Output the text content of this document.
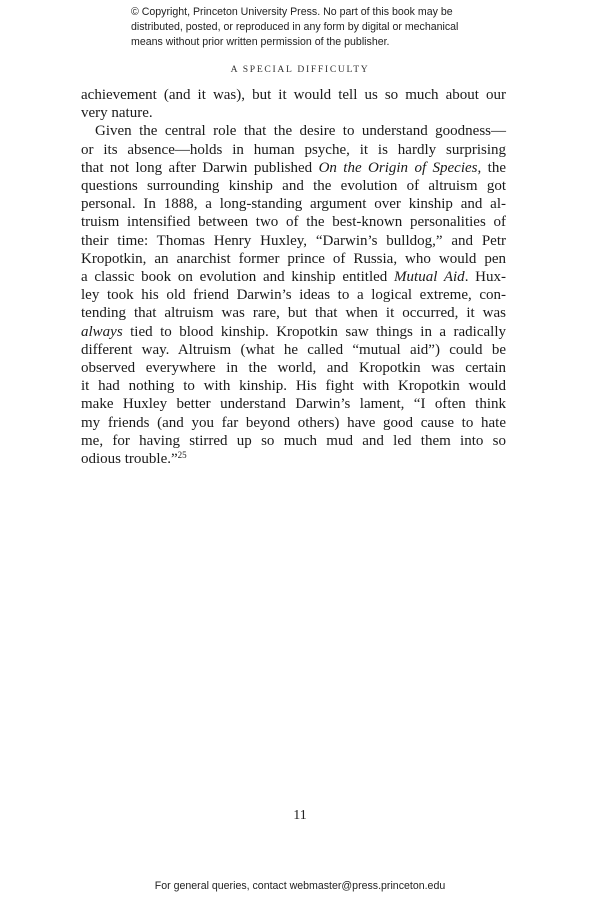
© Copyright, Princeton University Press. No part of this book may be
distributed, posted, or reproduced in any form by digital or mechanical
means without prior written permission of the publisher.
A SPECIAL DIFFICULTY
achievement (and it was), but it would tell us so much about our
very nature.
Given the central role that the desire to understand goodness—
or its absence—holds in human psyche, it is hardly surprising
that not long after Darwin published On the Origin of Species, the
questions surrounding kinship and the evolution of altruism got
personal. In 1888, a long-standing argument over kinship and al-
truism intensified between two of the best-known personalities of
their time: Thomas Henry Huxley, “Darwin’s bulldog,” and Petr
Kropotkin, an anarchist former prince of Russia, who would pen
a classic book on evolution and kinship entitled Mutual Aid. Hux-
ley took his old friend Darwin’s ideas to a logical extreme, con-
tending that altruism was rare, but that when it occurred, it was
always tied to blood kinship. Kropotkin saw things in a radically
different way. Altruism (what he called “mutual aid”) could be
observed everywhere in the world, and Kropotkin was certain
it had nothing to with kinship. His fight with Kropotkin would
make Huxley better understand Darwin’s lament, “I often think
my friends (and you far beyond others) have good cause to hate
me, for having stirred up so much mud and led them into so
odious trouble.”$^{25}$
11
For general queries, contact webmaster@press.princeton.edu
